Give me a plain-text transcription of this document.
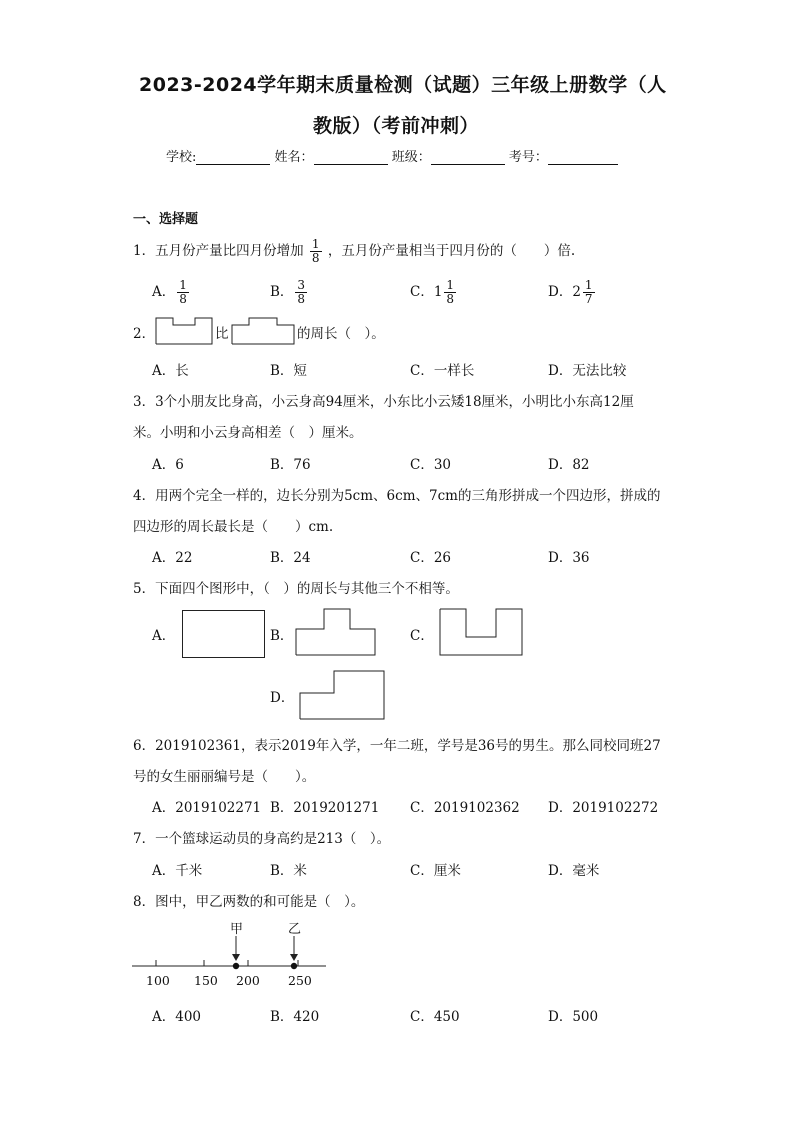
2023-2024学年期末质量检测（试题）三年级上册数学（人
教版）（考前冲刺）
学校:	姓名：	班级：	考号：
一、选择题
1．五月份产量比四月份增加 $\frac{1}{8}$ ，五月份产量相当于四月份的（　　）倍.
A． $\frac{1}{8}$	B． $\frac{3}{8}$	C．$1 \frac{1}{8}$	D．$2 \frac{1}{7}$
2．	比	的周长（　）。
A．长	B．短	C．一样长	D．无法比较
3．3个小朋友比身高，小云身高94厘米，小东比小云矮18厘米，小明比小东高12厘
米。小明和小云身高相差（　）厘米。
A．6	B．76	C．30	D．82
4．用两个完全一样的，边长分别为5cm、6cm、7cm的三角形拼成一个四边形，拼成的
四边形的周长最长是（　　）cm.
A．22	B．24	C．26	D．36
5．下面四个图形中，（　）的周长与其他三个不相等。
A．	B．	C．
D．
6．2019102361，表示2019年入学，一年二班，学号是36号的男生。那么同校同班27
号的女生丽丽编号是（　　）。
A．2019102271 B．2019201271 C．2019102362 D．2019102272
7．一个篮球运动员的身高约是213（　）。
A．千米	B．米	C．厘米	D．毫米
8．图中，甲乙两数的和可能是（　）。
甲	乙
100 150 200 250
A．400	B．420	C．450	D．500
